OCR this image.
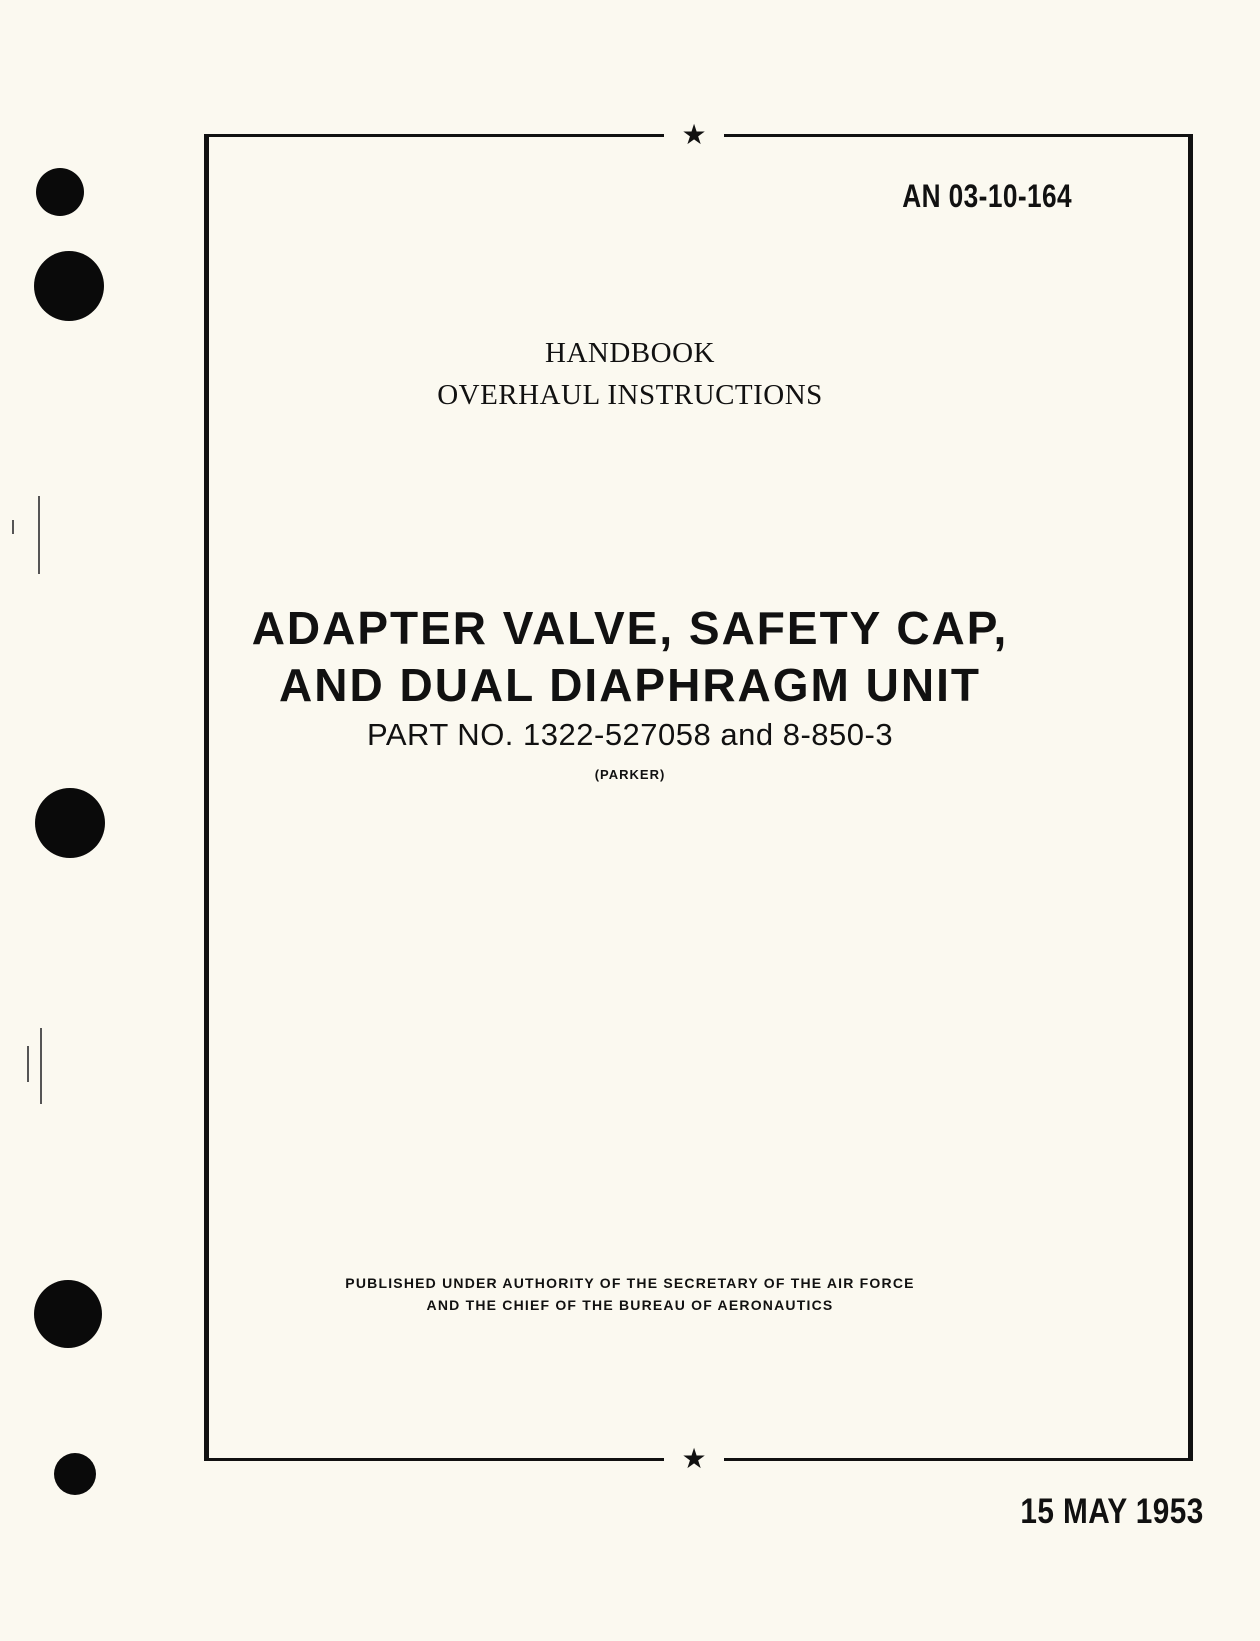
★
★
AN 03-10-164
HANDBOOK
OVERHAUL INSTRUCTIONS
ADAPTER VALVE, SAFETY CAP,
AND DUAL DIAPHRAGM UNIT
PART NO. 1322-527058 and 8-850-3
(PARKER)
PUBLISHED UNDER AUTHORITY OF THE SECRETARY OF THE AIR FORCE
AND THE CHIEF OF THE BUREAU OF AERONAUTICS
15 MAY 1953
